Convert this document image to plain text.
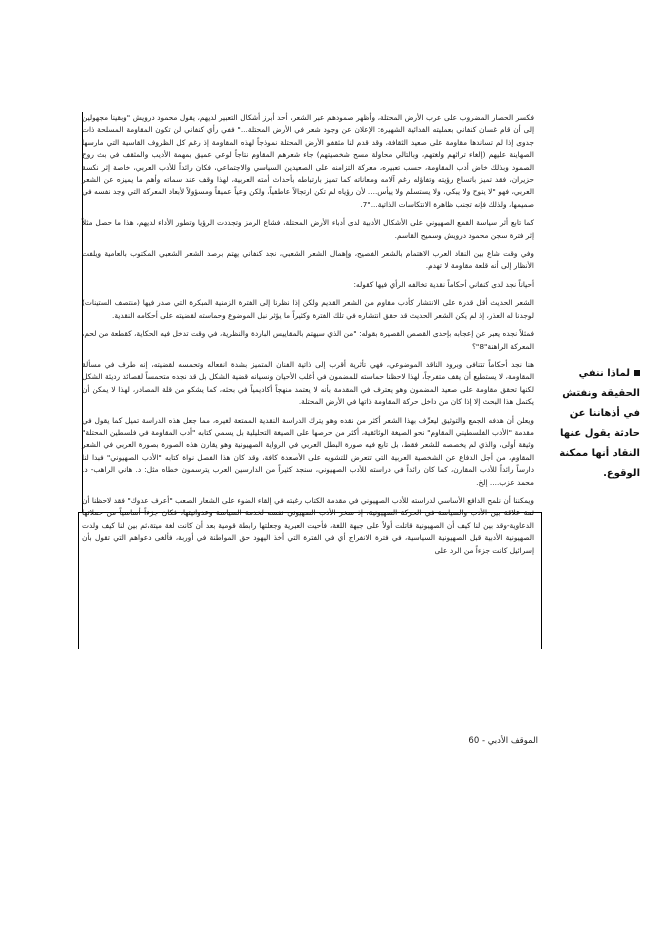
فكسر الحصار المضروب على عرب الأرض المحتلة، وأظهر صمودهم عبر الشعر، أحد أبرز أشكال التعبير لديهم، يقول محمود درويش "وبقينا مجهولين إلى أن قام غسان كنفاني بعمليته الفدائية الشهيرة: الإعلان عن وجود شعر في الأرض المحتلة..." ففي رأي كنفاني لن تكون المقاومة المسلحة ذات جدوى إذا لم تساندها مقاومة على صعيد الثقافة، وقد قدم لنا مثقفو الأرض المحتلة نموذجاً لهذه المقاومة إذ رغم كل الظروف القاسية التي مارسها الصهاينة عليهم (إلغاء تراثهم ولغتهم، وبالتالي محاولة مسح شخصيتهم) جاء شعرهم المقاوم نتاجاً لوعي عميق بمهمة الأديب والمثقف في بث روح الصمود وبذلك خاض أدب المقاومة، حسب تعبيره، معركة التزامنه على الصعيدين السياسي والاجتماعي، فكان رائداً للأدب العربي، خاصة إثر نكسة حزيران، فقد تميز باتساع رؤيته وتفاؤله رغم آلامه ومعاناته كما تميز بارتباطه بأحداث أمته العربية، لهذا وقف عند سماته وأهم ما يميزه عن الشعر العربي، فهو "لا ينوح ولا يبكي، ولا يستسلم ولا ييأس.... لأن رؤياه لم تكن ارتجالاً عاطفياً، ولكن وعياً عميقاً ومسؤولاً لأبعاد المعركة التي وجد نفسه في صميمها، ولذلك فإنه تجنب ظاهرة الانتكاسات الذاتية..."7.

كما تابع أثر سياسة القمع الصهيوني على الأشكال الأدبية لدى أدباء الأرض المحتلة، فشاع الرمز وتجددت الرؤيا وتطور الأداء لديهم، هذا ما حصل مثلاً إثر فترة سجن محمود درويش وسميح القاسم.

وفي وقت شاع بين النقاد العرب الاهتمام بالشعر الفصيح، وإهمال الشعر الشعبي، نجد كنفاني يهتم برصد الشعر الشعبي المكتوب بالعامية ويلفت الأنظار إلى أنه قلعة مقاومة لا تهدم.

أحياناً نجد لدى كنفاني أحكاماً نقدية تخالفه الرأي فيها كقوله:

الشعر الحديث أقل قدرة على الانتشار كأدب مقاوم من الشعر القديم ولكن إذا نظرنا إلى الفترة الزمنية المبكرة التي صدر فيها (منتصف الستينات) لوجدنا له العذر، إذ لم يكن الشعر الحديث قد حقق انتشاره في تلك الفترة وكثيراً ما يؤثر نبل الموضوع وحماسته لقضيته على أحكامه النقدية.

فمثلاً نجده يعبر عن إعجابه بإحدى القصص القصيرة بقوله: "من الذي سيهتم بالمقاييس الباردة والنظرية، في وقت تدخل فيه الحكاية، كقطعة من لحم، المعركة الراهنة"8"؟

هنا نجد أحكاماً تتنافى وبرود الناقد الموضوعي، فهي تأثرية أقرب إلى ذاتية الفنان المتميز بشدة انفعاله وتحمسه لقضيته، إنه طرف في مسألة المقاومة، لا يستطيع أن يقف متفرجاً، لهذا لاحظنا حماسته للمضمون في أغلب الأحيان ونسيانه قضية الشكل بل قد نجده متحمساً لقصائد رديئة الشكل لكنها تحقق مقاومة على صعيد المضمون وهو يعترف في المقدمة بأنه لا يعتمد منهجاً أكاديمياً في بحثه، كما يشكو من قلة المصادر، لهذا لا يمكن أن يكتمل هذا البحث إلا إذا كان من داخل حركة المقاومة ذاتها في الأرض المحتلة.

ويعلن أن هدفه الجمع والتوثيق ليعرِّف بهذا الشعر أكثر من نقده وهو يترك الدراسة النقدية الممتعة لغيره، مما جعل هذه الدراسة تميل كما يقول في مقدمة "الأدب الفلسطيني المقاوم" نحو الصيغة الوثائقية، أكثر من حرصها على الصيغة التحليلية بل يسمي كتابه "أدب المقاومة في فلسطين المحتلة" وثيقة أولى، والذي لم يخصصه للشعر فقط، بل تابع فيه صورة البطل العربي في الرواية الصهيونية وهو يقارن هذه الصورة بصورة العربي في الشعر المقاوم، من أجل الدفاع عن الشخصية العربية التي تتعرض للتشويه على الأصعدة كافة، وقد كان هذا الفصل نواة كتابه "الأدب الصهيوني" فبدا لنا دارساً رائداً للأدب المقارن، كما كان رائداً في دراسته للأدب الصهيوني، سنجد كثيراً من الدارسين العرب يترسمون خطاه مثل: د. هاني الراهب- د. محمد عزب.... إلخ.

ويمكننا أن نلمح الدافع الأساسي لدراسته للأدب الصهيوني في مقدمة الكتاب رغبته في إلقاء الضوء على الشعار الصعب "أعرف عدوك" فقد لاحظنا أن ثمة علاقة بين الأدب والسياسة في الحركة الصهيونية، إذ سخر الأدب الصهيوني نفسه لخدمة السياسة وعدوانيتها، فكان جزءاً أساسياً من حملاتها الدعاوية-وقد بين لنا كيف أن الصهيونية قاتلت أولاً على جبهة اللغة، فأحيت العبرية وجعلتها رابطة قومية بعد أن كانت لغة ميتة،ثم بين لنا كيف ولدت الصهيونية الأدبية قبل الصهيونية السياسية، في فترة الانفراج أي في الفترة التي أخذ اليهود حق المواطنة في أوربة، فألغى دعواهم التي تقول بأن إسرائيل كانت جزءاً من الرد على

لماذا ننفي
الحقيقة ونفتش
في أذهاننا عن
حادثة يقول عنها
النقاد أنها ممكنة
الوقوع.
الموقف الأدبي - 60
